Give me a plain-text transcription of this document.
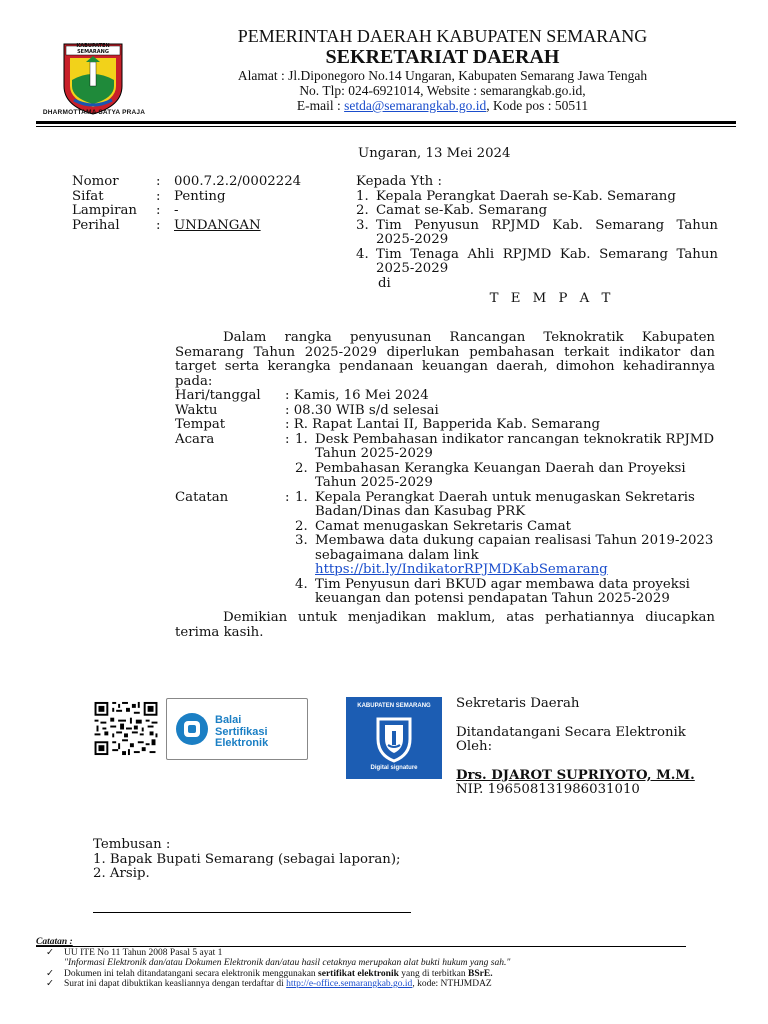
KABUPATEN SEMARANG
DHARMOTTAMA SATYA PRAJA
PEMERINTAH DAERAH KABUPATEN SEMARANG
SEKRETARIAT DAERAH
Alamat : Jl.Diponegoro No.14 Ungaran, Kabupaten Semarang Jawa Tengah
No. Tlp: 024-6921014, Website : semarangkab.go.id,
E-mail : setda@semarangkab.go.id, Kode pos : 50511
Ungaran, 13 Mei 2024
Nomor	:	000.7.2.2/0002224
Sifat	:	Penting
Lampiran	:	-
Perihal	:	UNDANGAN
Kepada Yth :
1. Kepala Perangkat Daerah se-Kab. Semarang
2. Camat se-Kab. Semarang
3. Tim Penyusun RPJMD Kab. Semarang Tahun 2025-2029
4. Tim Tenaga Ahli RPJMD Kab. Semarang Tahun 2025-2029
di
T E M P A T
Dalam rangka penyusunan Rancangan Teknokratik Kabupaten Semarang Tahun 2025-2029 diperlukan pembahasan terkait indikator dan target serta kerangka pendanaan keuangan daerah, dimohon kehadirannya pada:
Hari/tanggal	: Kamis, 16 Mei 2024
Waktu	: 08.30 WIB s/d selesai
Tempat	: R. Rapat Lantai II, Bapperida Kab. Semarang
Acara	: 1. Desk Pembahasan indikator rancangan teknokratik RPJMD Tahun 2025-2029
2. Pembahasan Kerangka Keuangan Daerah dan Proyeksi Tahun 2025-2029
Catatan	: 1. Kepala Perangkat Daerah untuk menugaskan Sekretaris Badan/Dinas dan Kasubag PRK
2. Camat menugaskan Sekretaris Camat
3. Membawa data dukung capaian realisasi Tahun 2019-2023 sebagaimana dalam link
https://bit.ly/IndikatorRPJMDKabSemarang
4. Tim Penyusun dari BKUD agar membawa data proyeksi keuangan dan potensi pendapatan Tahun 2025-2029
Demikian untuk menjadikan maklum, atas perhatiannya diucapkan terima kasih.
Balai
Sertifikasi
Elektronik
KABUPATEN SEMARANG
Digital signature
Sekretaris Daerah
Ditandatangani Secara Elektronik
Oleh:
Drs. DJAROT SUPRIYOTO, M.M.
NIP. 196508131986031010
Tembusan :
1. Bapak Bupati Semarang (sebagai laporan);
2. Arsip.
Catatan :
✓	UU ITE No 11 Tahun 2008 Pasal 5 ayat 1
"Informasi Elektronik dan/atau Dokumen Elektronik dan/atau hasil cetaknya merupakan alat bukti hukum yang sah."
✓	Dokumen ini telah ditandatangani secara elektronik menggunakan sertifikat elektronik yang di terbitkan BSrE.
✓	Surat ini dapat dibuktikan keasliannya dengan terdaftar di http://e-office.semarangkab.go.id, kode: NTHJMDAZ
